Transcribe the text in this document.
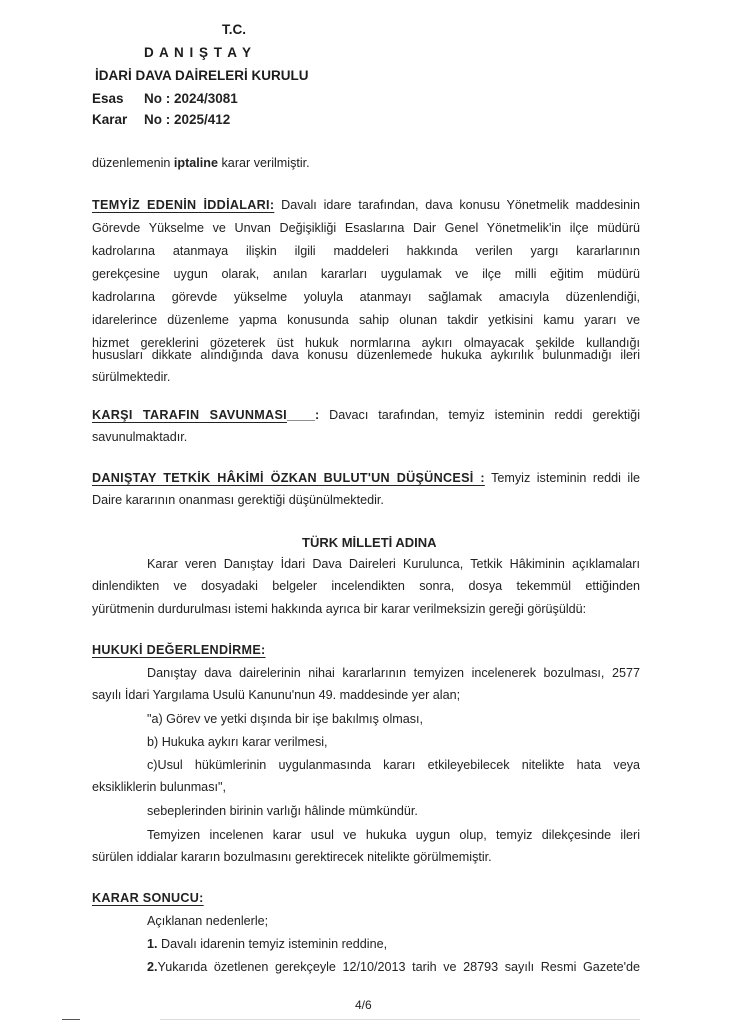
T.C.
D A N I Ş T A Y
İDARİ DAVA DAİRELERİ KURULU
Esas No : 2024/3081
Karar No : 2025/412
düzenlemenin iptaline karar verilmiştir.
TEMYİZ EDENİN İDDİALARI: Davalı idare tarafından, dava konusu Yönetmelik maddesinin
Görevde Yükselme ve Unvan Değişikliği Esaslarına Dair Genel Yönetmelik'in ilçe müdürü
kadrolarına atanmaya ilişkin ilgili maddeleri hakkında verilen yargı kararlarının
gerekçesine uygun olarak, anılan kararları uygulamak ve ilçe milli eğitim müdürü
kadrolarına görevde yükselme yoluyla atanmayı sağlamak amacıyla düzenlendiği,
idarelerince düzenleme yapma konusunda sahip olunan takdir yetkisini kamu yararı ve
hizmet gereklerini gözeterek üst hukuk normlarına aykırı olmayacak şekilde kullandığı
hususları dikkate alındığında dava konusu düzenlemede hukuka aykırılık bulunmadığı ileri
sürülmektedir.
KARŞI TARAFIN SAVUNMASI____: Davacı tarafından, temyiz isteminin reddi gerektiği
savunulmaktadır.
DANIŞTAY TETKİK HÂKİMİ ÖZKAN BULUT'UN DÜŞÜNCESİ : Temyiz isteminin reddi ile
Daire kararının onanması gerektiği düşünülmektedir.
TÜRK MİLLETİ ADINA
Karar veren Danıştay İdari Dava Daireleri Kurulunca, Tetkik Hâkiminin açıklamaları
dinlendikten ve dosyadaki belgeler incelendikten sonra, dosya tekemmül ettiğinden
yürütmenin durdurulması istemi hakkında ayrıca bir karar verilmeksizin gereği görüşüldü:
HUKUKİ DEĞERLENDİRME:
Danıştay dava dairelerinin nihai kararlarının temyizen incelenerek bozulması, 2577
sayılı İdari Yargılama Usulü Kanunu'nun 49. maddesinde yer alan;
"a) Görev ve yetki dışında bir işe bakılmış olması,
b) Hukuka aykırı karar verilmesi,
c)Usul hükümlerinin uygulanmasında kararı etkileyebilecek nitelikte hata veya
eksikliklerin bulunması",
sebeplerinden birinin varlığı hâlinde mümkündür.
Temyizen incelenen karar usul ve hukuka uygun olup, temyiz dilekçesinde ileri
sürülen iddialar kararın bozulmasını gerektirecek nitelikte görülmemiştir.
KARAR SONUCU:
Açıklanan nedenlerle;
1. Davalı idarenin temyiz isteminin reddine,
2.Yukarıda özetlenen gerekçeyle 12/10/2013 tarih ve 28793 sayılı Resmi Gazete'de
4/6
